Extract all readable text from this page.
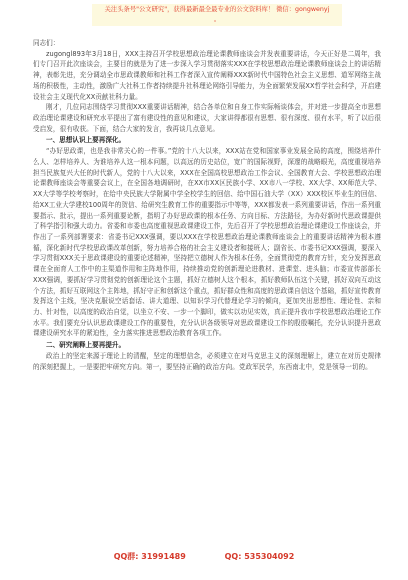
关注头条号"公文研究"，获得最新最全最专业的公文资料库！ 微信：gongwenyj
。

同志们：

zugongl893年3月18日，XXX主持召开学校思想政治理论课教师座谈会并发表重要讲话，今天正好是二周年，我们专门召开此次座谈会，主要目的就是为了进一步深入学习贯彻落实XXX在学校思想政治理论课教师座谈会上的讲话精神，表彰先进，充分调动全市思政课教师和社科工作者深入宣传阐释XXX新时代中国特色社会主义思想、道军网络主战场的积极性，主动性，激励广大社科工作者持续提升社科理论网络引导能力，为全面繁荣发展XX哲学社会科学，开启建设社会主义现代化XX贡献社科力量。

刚才，几位同志围绕学习贯彻XXX重要讲话精神，结合各单位和自身工作实际畅谈体会，并对进一步提高全市思想政治理论课建设和研究水平提出了富有建设性的意见和建议，大家讲得都很有思想、很有深度、很有水平，听了以后很受启发，很有收获。下面，结合大家的发言，我再谈几点意见。

一、思想认识上要再深化。

“办好思政课，也是我非常关心的一件事。”党的十八大以来，XXX站在党和国家事业发展全局的高度，围绕培养什么人、怎样培养人、为谁培养人这一根本问题，以高远的历史站位，宽广的国际视野，深邃的战略眼光，高度重视培养担当民族复兴大任的时代新人，党的十八大以来，XXX在全国高校思想政治工作会议、全国教育大会、学校思想政治理论课教师座谈会等重要会议上，在全国各地调研时，在XX市XX区民族小学、XX市八一学校、XX大学、XX师范大学、XX大学等学校考察时，在给中央民族大学附属中学全校学生的回信、给中国石油大学（XX）XXX校区毕业生的回信、给XX工业大学建校100周年的贺信、给研究生教育工作的重要指示中等等，XXX都发表一系列重要讲话，作出一系列重要指示、批示，提出一系列重要论断，指明了办好思政课的根本任务、方向目标、方法路径，为办好新时代思政课提供了科学指引和强大动力。省委和市委也高度重视思政课建设工作，先后召开了学校思想政治理论课建设工作座谈会，并作出了一系列部署要求：省委书记XXX强调，要以XXX在学校思想政治理论课教师座谈会上的重要讲话精神为根本遵循，深化新时代学校思政课改革创新，努力培养合格的社会主义建设者和接班人；副省长、市委书记XXX强调，要深入学习贯彻XXX关于思政课建设的重要论述精神，坚持把立德树人作为根本任务，全面贯彻党的教育方针，充分发挥思政课在全面育人工作中的主渠道作用和主阵地作用，持续推动党的创新理论进教材、进课堂、进头脑；市委宣传部部长XXX强调，要抓好学习贯彻党的创新理论这个主题，抓好立德树人这个根本，抓好教师队伍这个关键，抓好双向互动这个方法，抓好互联网这个主阵地，抓好守正和创新这个重点，抓好群众性和高度的思政课自信这个基础，抓好宣传教育发挥这个主线，坚决克服说空话套话、讲大道理、以知识学习代替理论学习的倾向，更加突出思想性、理论性、亲和力、针对性，以高度的政治自觉，以坐立不安、一步一个脚印，做实以功见实效，真正提升我市学校思想政治理论工作水平。我们要充分认识思政课建设工作的重要性，充分认识各级领导对思政课建设工作的殷殷嘱托，充分认识提升思政课建设研究水平的紧迫性，全力落实推进思想政治教育各项工作。

二、研究阐释上要再提升。

政治上的坚定来源于理论上的清醒，坚定的理想信念，必须建立在对马克思主义的深刻理解上，建立在对历史规律的深刻把握上，一是要把牢研究方向。第一，要坚持正确的政治方向。党政军民学，东西南北中，党是领导一切的。

QQ群: 31991489	QQ: 535304092
